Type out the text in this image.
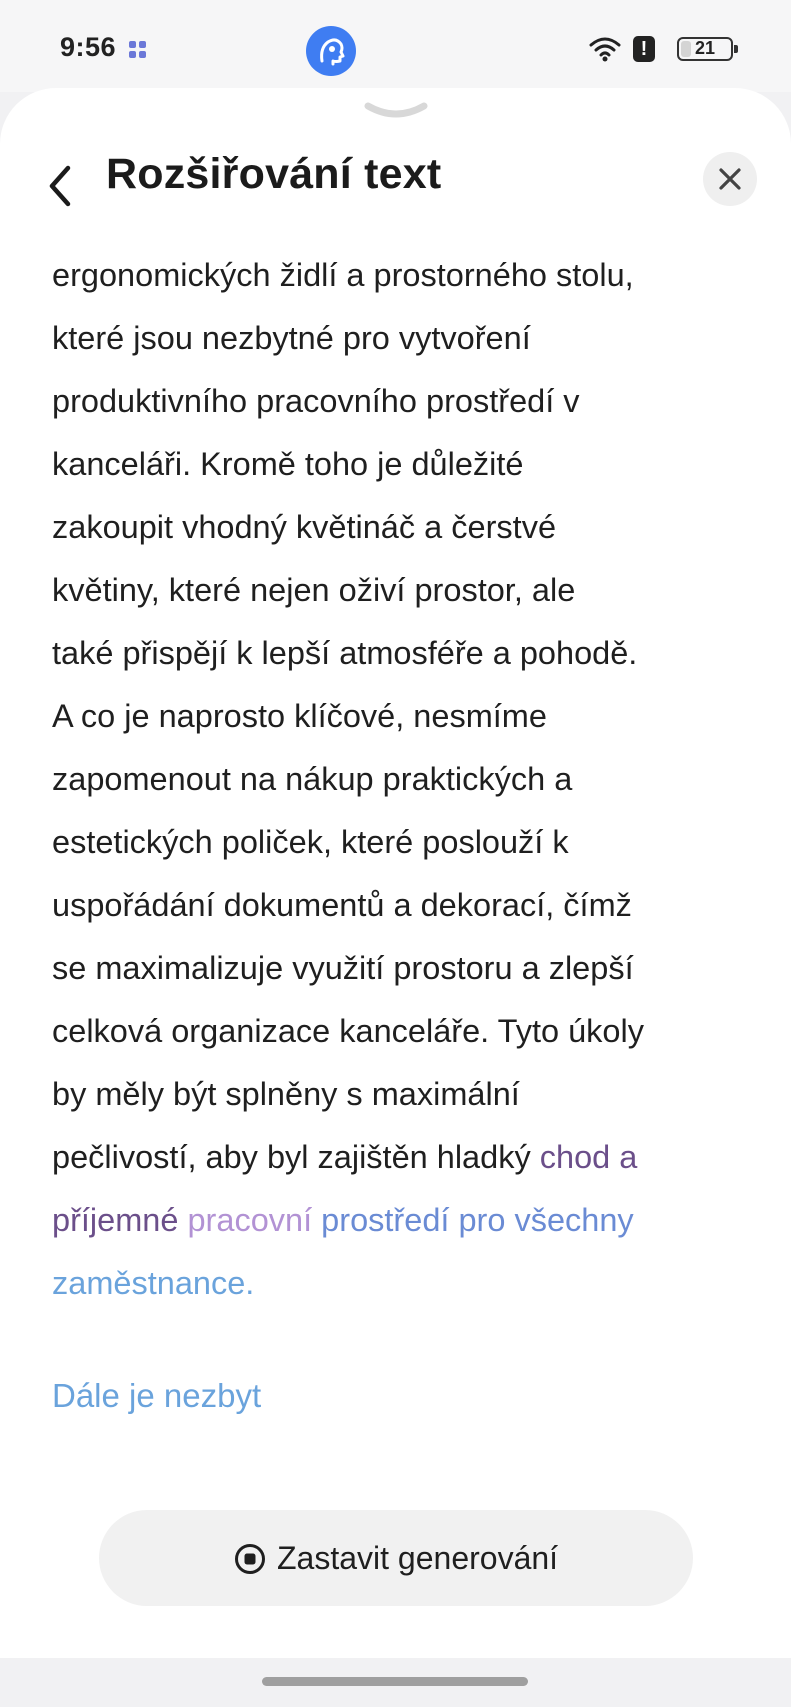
9:56	!	21
Rozšiřování text
ergonomických židlí a prostorného stolu,
které jsou nezbytné pro vytvoření
produktivního pracovního prostředí v
kanceláři. Kromě toho je důležité
zakoupit vhodný květináč a čerstvé
květiny, které nejen oživí prostor, ale
také přispějí k lepší atmosféře a pohodě.
A co je naprosto klíčové, nesmíme
zapomenout na nákup praktických a
estetických poliček, které poslouží k
uspořádání dokumentů a dekorací, čímž
se maximalizuje využití prostoru a zlepší
celková organizace kanceláře. Tyto úkoly
by měly být splněny s maximální
pečlivostí, aby byl zajištěn hladký chod a
příjemné pracovní prostředí pro všechny
zaměstnance.
Dále je nezbyt
Zastavit generování
